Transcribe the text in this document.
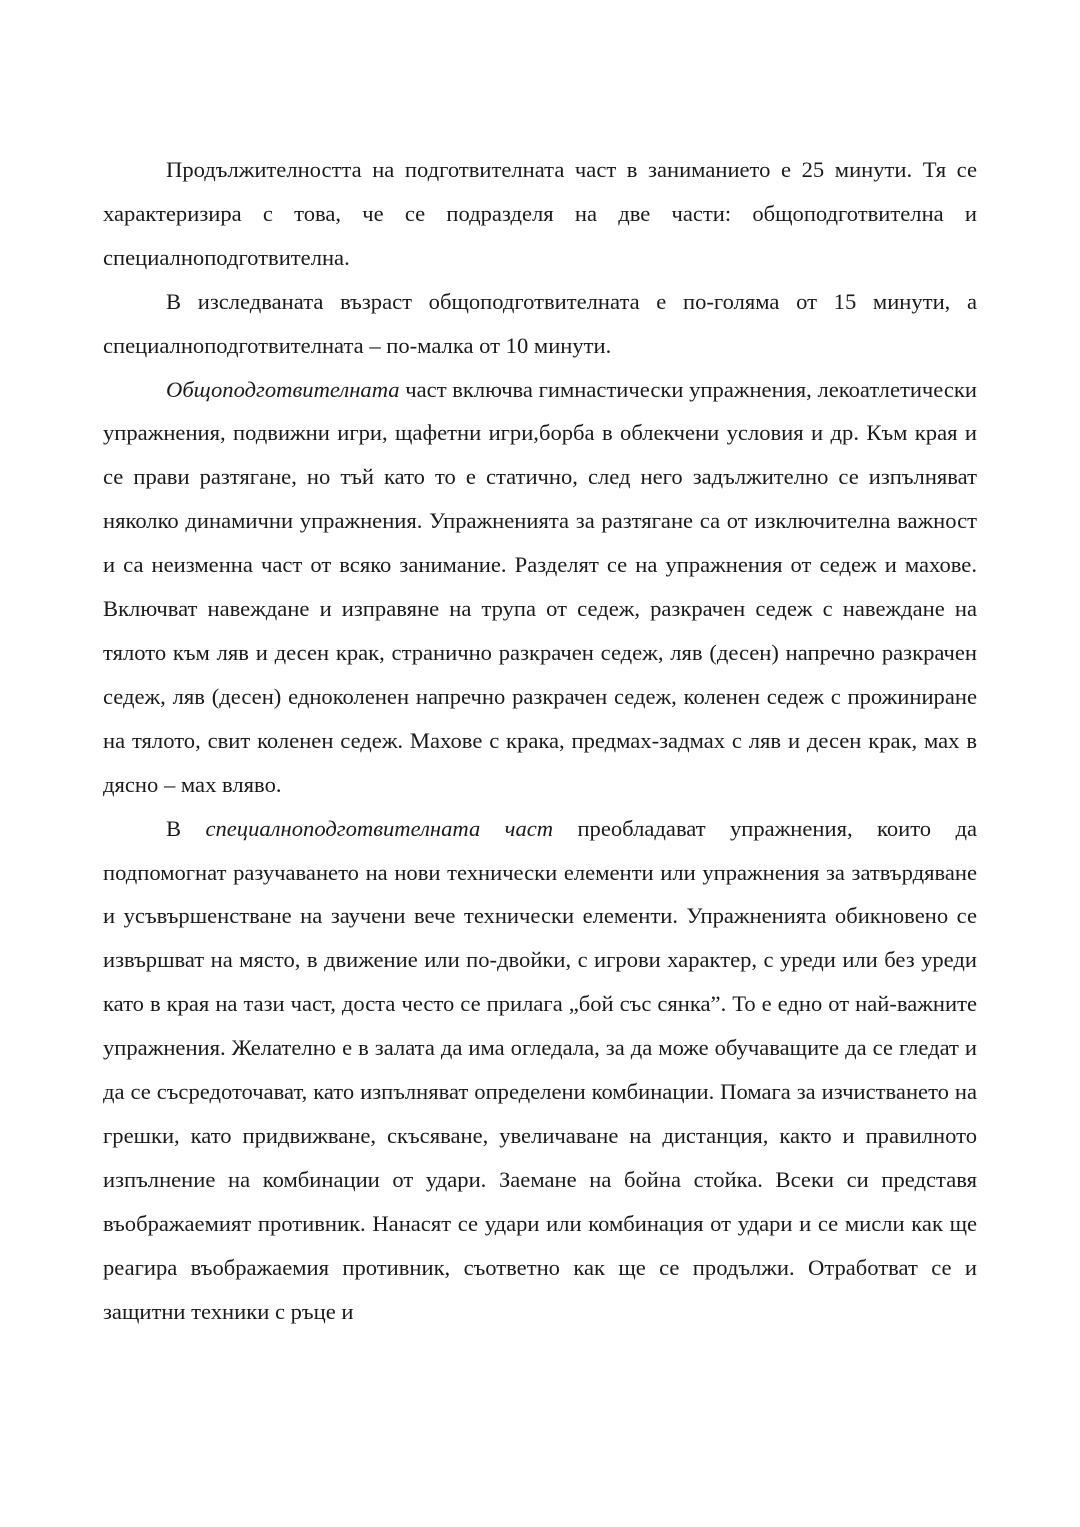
Продължителността на подготвителната част в заниманието е 25 минути. Тя се характеризира с това, че се подразделя на две части: общоподготвителна и специалноподготвителна.

В изследваната възраст общоподготвителната е по-голяма от 15 минути, а специалноподготвителната – по-малка от 10 минути.

Общоподготвителната част включва гимнастически упражнения, лекоатлетически упражнения, подвижни игри, щафетни игри,борба в облекчени условия и др. Към края и се прави разтягане, но тъй като то е статично, след него задължително се изпълняват няколко динамични упражнения. Упражненията за разтягане са от изключителна важност и са неизменна част от всяко занимание. Разделят се на упражнения от седеж и махове. Включват навеждане и изправяне на трупа от седеж, разкрачен седеж с навеждане на тялото към ляв и десен крак, странично разкрачен седеж, ляв (десен) напречно разкрачен седеж, ляв (десен) едноколенен напречно разкрачен седеж, коленен седеж с прожиниране на тялото, свит коленен седеж. Махове с крака, предмах-задмах с ляв и десен крак, мах в дясно – мах вляво.

В специалноподготвителната част преобладават упражнения, които да подпомогнат разучаването на нови технически елементи или упражнения за затвърдяване и усъвършенстване на заучени вече технически елементи. Упражненията обикновено се извършват на място, в движение или по-двойки, с игрови характер, с уреди или без уреди като в края на тази част, доста често се прилага „бой със сянка”. То е едно от най-важните упражнения. Желателно е в залата да има огледала, за да може обучаващите да се гледат и да се съсредоточават, като изпълняват определени комбинации. Помага за изчистването на грешки, като придвижване, скъсяване, увеличаване на дистанция, както и правилното изпълнение на комбинации от удари. Заемане на бойна стойка. Всеки си представя въображаемият противник. Нанасят се удари или комбинация от удари и се мисли как ще реагира въображаемия противник, съответно как ще се продължи. Отработват се и защитни техники с ръце и
